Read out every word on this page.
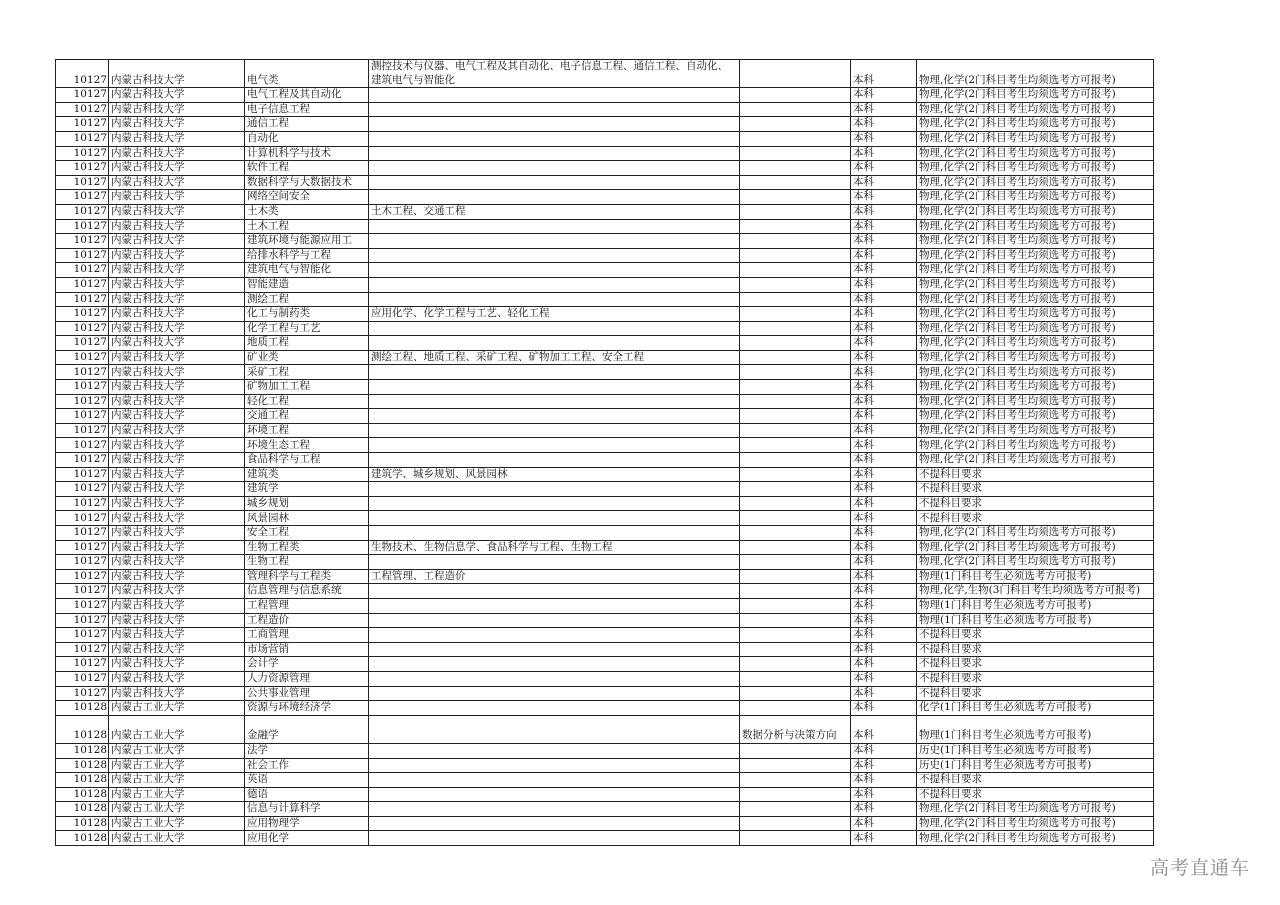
10127	内蒙古科技大学	电气类	测控技术与仪器、电气工程及其自动化、电子信息工程、通信工程、自动化、建筑电气与智能化		本科	物理,化学(2门科目考生均须选考方可报考)
10127	内蒙古科技大学	电气工程及其自动化			本科	物理,化学(2门科目考生均须选考方可报考)
10127	内蒙古科技大学	电子信息工程			本科	物理,化学(2门科目考生均须选考方可报考)
10127	内蒙古科技大学	通信工程			本科	物理,化学(2门科目考生均须选考方可报考)
10127	内蒙古科技大学	自动化			本科	物理,化学(2门科目考生均须选考方可报考)
10127	内蒙古科技大学	计算机科学与技术			本科	物理,化学(2门科目考生均须选考方可报考)
10127	内蒙古科技大学	软件工程			本科	物理,化学(2门科目考生均须选考方可报考)
10127	内蒙古科技大学	数据科学与大数据技术			本科	物理,化学(2门科目考生均须选考方可报考)
10127	内蒙古科技大学	网络空间安全			本科	物理,化学(2门科目考生均须选考方可报考)
10127	内蒙古科技大学	土木类	土木工程、交通工程		本科	物理,化学(2门科目考生均须选考方可报考)
10127	内蒙古科技大学	土木工程			本科	物理,化学(2门科目考生均须选考方可报考)
10127	内蒙古科技大学	建筑环境与能源应用工			本科	物理,化学(2门科目考生均须选考方可报考)
10127	内蒙古科技大学	给排水科学与工程			本科	物理,化学(2门科目考生均须选考方可报考)
10127	内蒙古科技大学	建筑电气与智能化			本科	物理,化学(2门科目考生均须选考方可报考)
10127	内蒙古科技大学	智能建造			本科	物理,化学(2门科目考生均须选考方可报考)
10127	内蒙古科技大学	测绘工程			本科	物理,化学(2门科目考生均须选考方可报考)
10127	内蒙古科技大学	化工与制药类	应用化学、化学工程与工艺、轻化工程		本科	物理,化学(2门科目考生均须选考方可报考)
10127	内蒙古科技大学	化学工程与工艺			本科	物理,化学(2门科目考生均须选考方可报考)
10127	内蒙古科技大学	地质工程			本科	物理,化学(2门科目考生均须选考方可报考)
10127	内蒙古科技大学	矿业类	测绘工程、地质工程、采矿工程、矿物加工工程、安全工程		本科	物理,化学(2门科目考生均须选考方可报考)
10127	内蒙古科技大学	采矿工程			本科	物理,化学(2门科目考生均须选考方可报考)
10127	内蒙古科技大学	矿物加工工程			本科	物理,化学(2门科目考生均须选考方可报考)
10127	内蒙古科技大学	轻化工程			本科	物理,化学(2门科目考生均须选考方可报考)
10127	内蒙古科技大学	交通工程			本科	物理,化学(2门科目考生均须选考方可报考)
10127	内蒙古科技大学	环境工程			本科	物理,化学(2门科目考生均须选考方可报考)
10127	内蒙古科技大学	环境生态工程			本科	物理,化学(2门科目考生均须选考方可报考)
10127	内蒙古科技大学	食品科学与工程			本科	物理,化学(2门科目考生均须选考方可报考)
10127	内蒙古科技大学	建筑类	建筑学、城乡规划、风景园林		本科	不提科目要求
10127	内蒙古科技大学	建筑学			本科	不提科目要求
10127	内蒙古科技大学	城乡规划			本科	不提科目要求
10127	内蒙古科技大学	风景园林			本科	不提科目要求
10127	内蒙古科技大学	安全工程			本科	物理,化学(2门科目考生均须选考方可报考)
10127	内蒙古科技大学	生物工程类	生物技术、生物信息学、食品科学与工程、生物工程		本科	物理,化学(2门科目考生均须选考方可报考)
10127	内蒙古科技大学	生物工程			本科	物理,化学(2门科目考生均须选考方可报考)
10127	内蒙古科技大学	管理科学与工程类	工程管理、工程造价		本科	物理(1门科目考生必须选考方可报考)
10127	内蒙古科技大学	信息管理与信息系统			本科	物理,化学,生物(3门科目考生均须选考方可报考)
10127	内蒙古科技大学	工程管理			本科	物理(1门科目考生必须选考方可报考)
10127	内蒙古科技大学	工程造价			本科	物理(1门科目考生必须选考方可报考)
10127	内蒙古科技大学	工商管理			本科	不提科目要求
10127	内蒙古科技大学	市场营销			本科	不提科目要求
10127	内蒙古科技大学	会计学			本科	不提科目要求
10127	内蒙古科技大学	人力资源管理			本科	不提科目要求
10127	内蒙古科技大学	公共事业管理			本科	不提科目要求
10128	内蒙古工业大学	资源与环境经济学			本科	化学(1门科目考生必须选考方可报考)
10128	内蒙古工业大学	金融学		数据分析与决策方向	本科	物理(1门科目考生必须选考方可报考)
10128	内蒙古工业大学	法学			本科	历史(1门科目考生必须选考方可报考)
10128	内蒙古工业大学	社会工作			本科	历史(1门科目考生必须选考方可报考)
10128	内蒙古工业大学	英语			本科	不提科目要求
10128	内蒙古工业大学	德语			本科	不提科目要求
10128	内蒙古工业大学	信息与计算科学			本科	物理,化学(2门科目考生均须选考方可报考)
10128	内蒙古工业大学	应用物理学			本科	物理,化学(2门科目考生均须选考方可报考)
10128	内蒙古工业大学	应用化学			本科	物理,化学(2门科目考生均须选考方可报考)
高考直通车
